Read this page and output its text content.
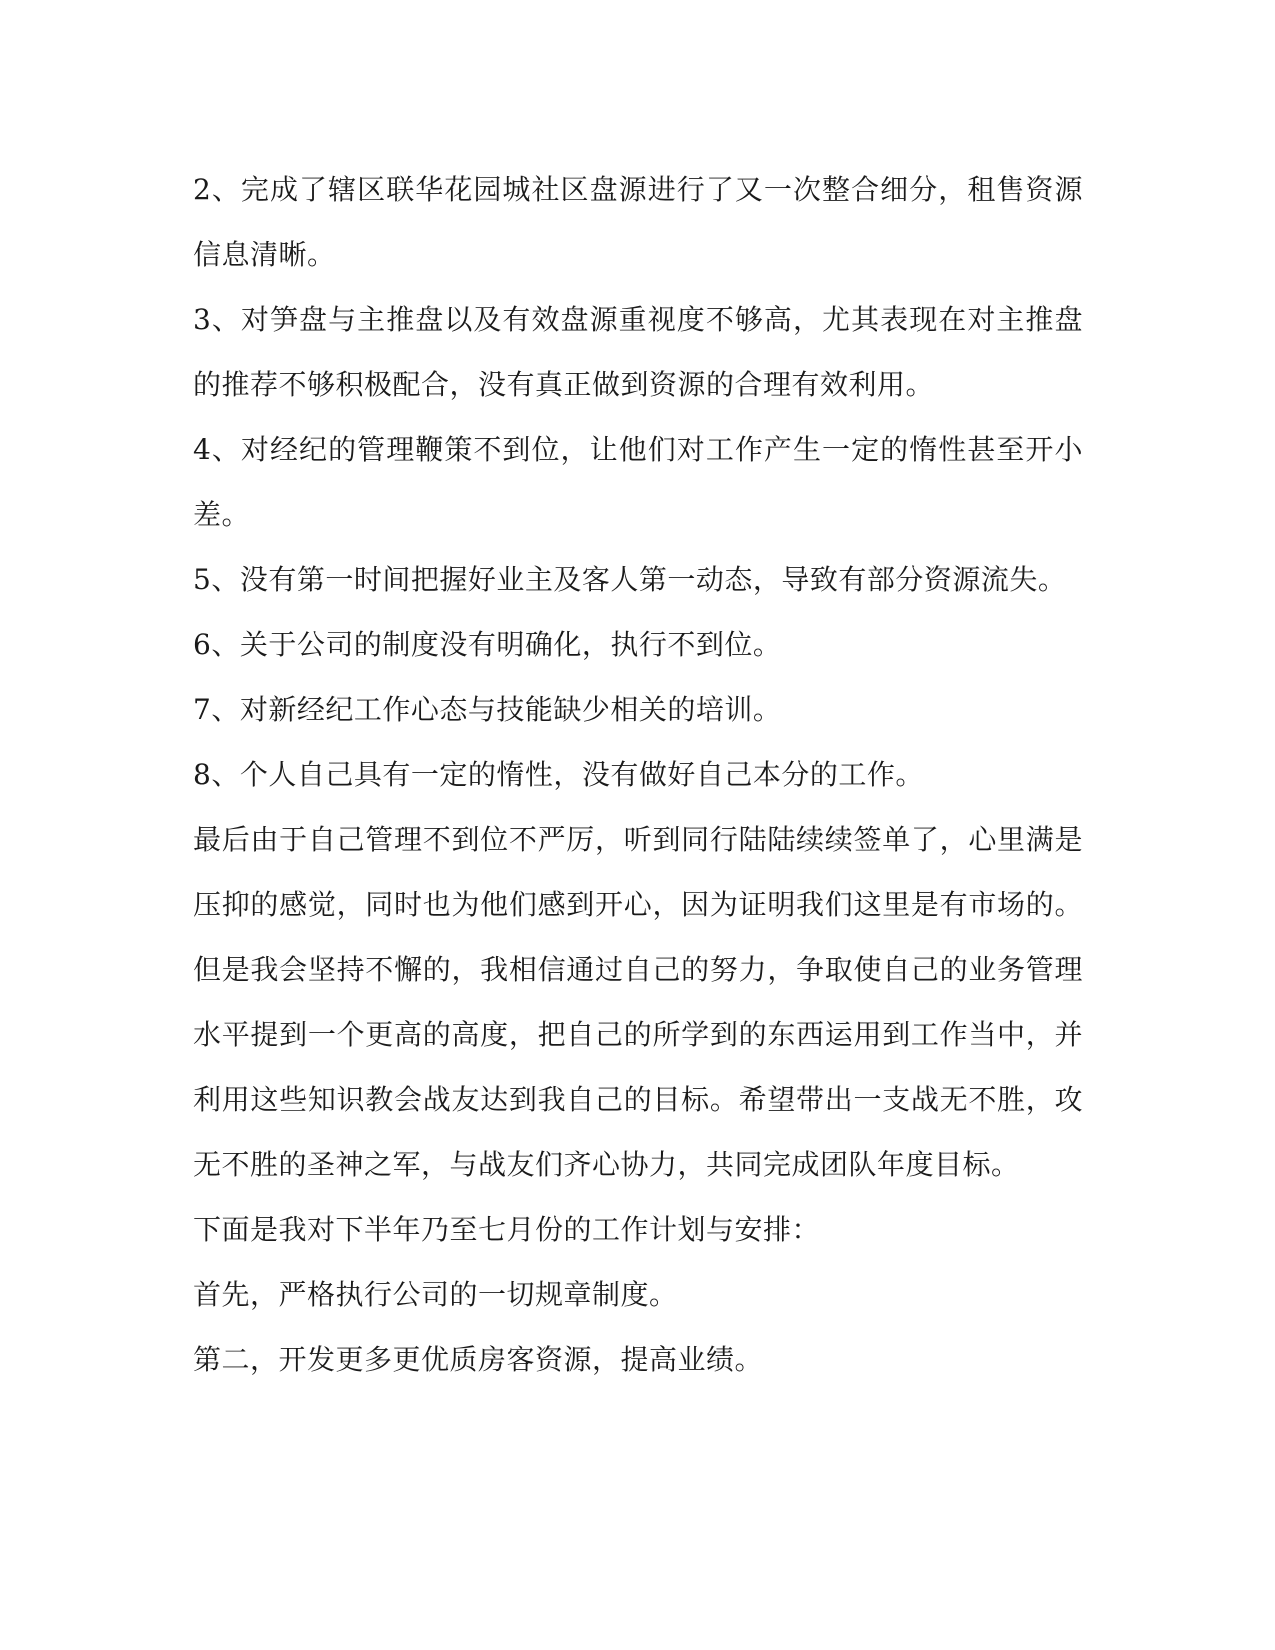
2、完成了辖区联华花园城社区盘源进行了又一次整合细分，租售资源信息清晰。

3、对笋盘与主推盘以及有效盘源重视度不够高，尤其表现在对主推盘的推荐不够积极配合，没有真正做到资源的合理有效利用。

4、对经纪的管理鞭策不到位，让他们对工作产生一定的惰性甚至开小差。

5、没有第一时间把握好业主及客人第一动态，导致有部分资源流失。

6、关于公司的制度没有明确化，执行不到位。

7、对新经纪工作心态与技能缺少相关的培训。

8、个人自己具有一定的惰性，没有做好自己本分的工作。

最后由于自己管理不到位不严厉，听到同行陆陆续续签单了，心里满是压抑的感觉，同时也为他们感到开心，因为证明我们这里是有市场的。但是我会坚持不懈的，我相信通过自己的努力，争取使自己的业务管理水平提到一个更高的高度，把自己的所学到的东西运用到工作当中，并利用这些知识教会战友达到我自己的目标。希望带出一支战无不胜，攻无不胜的圣神之军，与战友们齐心协力，共同完成团队年度目标。

下面是我对下半年乃至七月份的工作计划与安排：

首先，严格执行公司的一切规章制度。

第二，开发更多更优质房客资源，提高业绩。
